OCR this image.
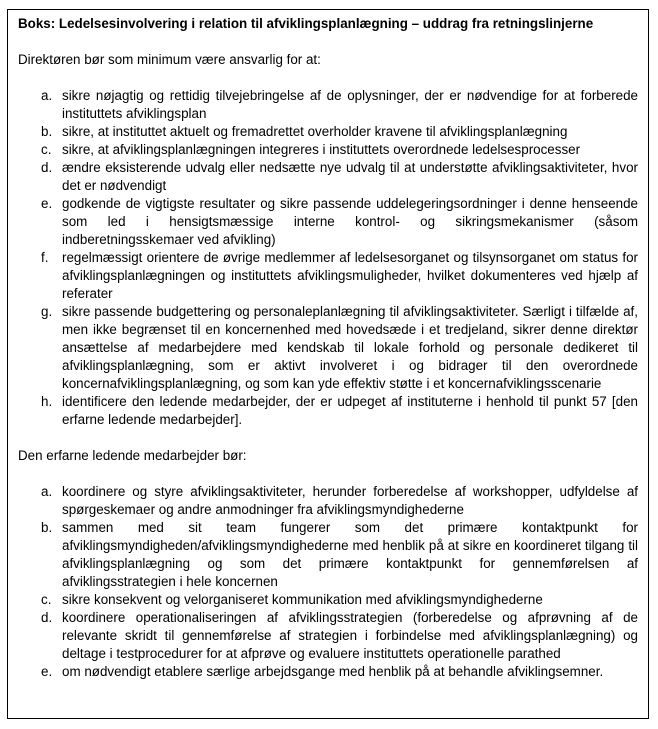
Boks: Ledelsesinvolvering i relation til afviklingsplanlægning – uddrag fra retningslinjerne

Direktøren bør som minimum være ansvarlig for at:

a. sikre nøjagtig og rettidig tilvejebringelse af de oplysninger, der er nødvendige for at forberede instituttets afviklingsplan
b. sikre, at instituttet aktuelt og fremadrettet overholder kravene til afviklingsplanlægning
c. sikre, at afviklingsplanlægningen integreres i instituttets overordnede ledelsesprocesser
d. ændre eksisterende udvalg eller nedsætte nye udvalg til at understøtte afviklingsaktiviteter, hvor det er nødvendigt
e. godkende de vigtigste resultater og sikre passende uddelegeringsordninger i denne henseende som led i hensigtsmæssige interne kontrol- og sikringsmekanismer (såsom indberetningsskemaer ved afvikling)
f. regelmæssigt orientere de øvrige medlemmer af ledelsesorganet og tilsynsorganet om status for afviklingsplanlægningen og instituttets afviklingsmuligheder, hvilket dokumenteres ved hjælp af referater
g. sikre passende budgettering og personaleplanlægning til afviklingsaktiviteter. Særligt i tilfælde af, men ikke begrænset til en koncernenhed med hovedsæde i et tredjeland, sikrer denne direktør ansættelse af medarbejdere med kendskab til lokale forhold og personale dedikeret til afviklingsplanlægning, som er aktivt involveret i og bidrager til den overordnede koncernafviklingsplanlægning, og som kan yde effektiv støtte i et koncernafviklingsscenarie
h. identificere den ledende medarbejder, der er udpeget af instituterne i henhold til punkt 57 [den erfarne ledende medarbejder].

Den erfarne ledende medarbejder bør:

a. koordinere og styre afviklingsaktiviteter, herunder forberedelse af workshopper, udfyldelse af spørgeskemaer og andre anmodninger fra afviklingsmyndighederne
b. sammen med sit team fungerer som det primære kontaktpunkt for afviklingsmyndigheden/afviklingsmyndighederne med henblik på at sikre en koordineret tilgang til afviklingsplanlægning og som det primære kontaktpunkt for gennemførelsen af afviklingsstrategien i hele koncernen
c. sikre konsekvent og velorganiseret kommunikation med afviklingsmyndighederne
d. koordinere operationaliseringen af afviklingsstrategien (forberedelse og afprøvning af de relevante skridt til gennemførelse af strategien i forbindelse med afviklingsplanlægning) og deltage i testprocedurer for at afprøve og evaluere instituttets operationelle parathed
e. om nødvendigt etablere særlige arbejdsgange med henblik på at behandle afviklingsemner.
